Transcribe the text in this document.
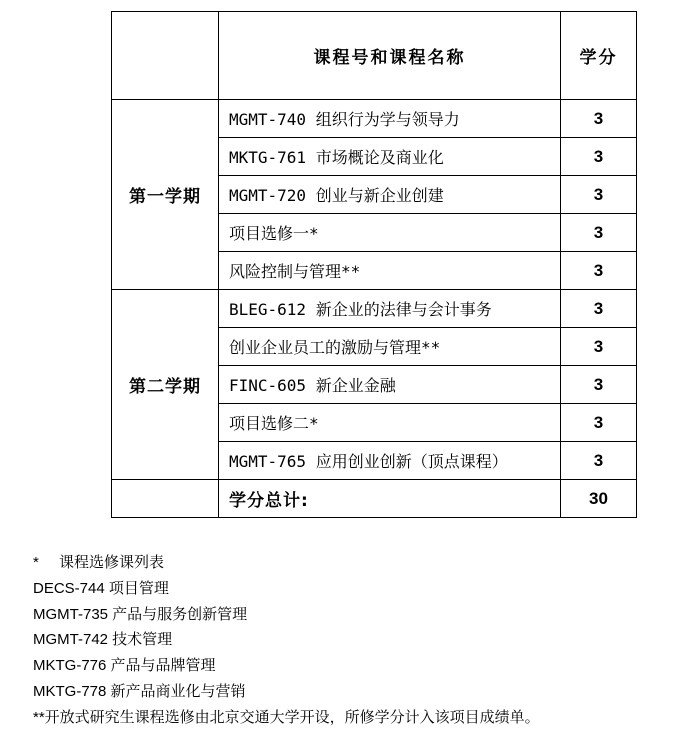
	课程号和课程名称	学分
第一学期	MGMT-740 组织行为学与领导力	3
	MKTG-761 市场概论及商业化	3
	MGMT-720 创业与新企业创建	3
	项目选修一*	3
	风险控制与管理**	3
第二学期	BLEG-612 新企业的法律与会计事务	3
	创业企业员工的激励与管理**	3
	FINC-605 新企业金融	3
	项目选修二*	3
	MGMT-765 应用创业创新（顶点课程）	3
	学分总计:	30
* 课程选修课列表
DECS-744 项目管理
MGMT-735 产品与服务创新管理
MGMT-742 技术管理
MKTG-776 产品与品牌管理
MKTG-778 新产品商业化与营销
**开放式研究生课程选修由北京交通大学开设，所修学分计入该项目成绩单。
